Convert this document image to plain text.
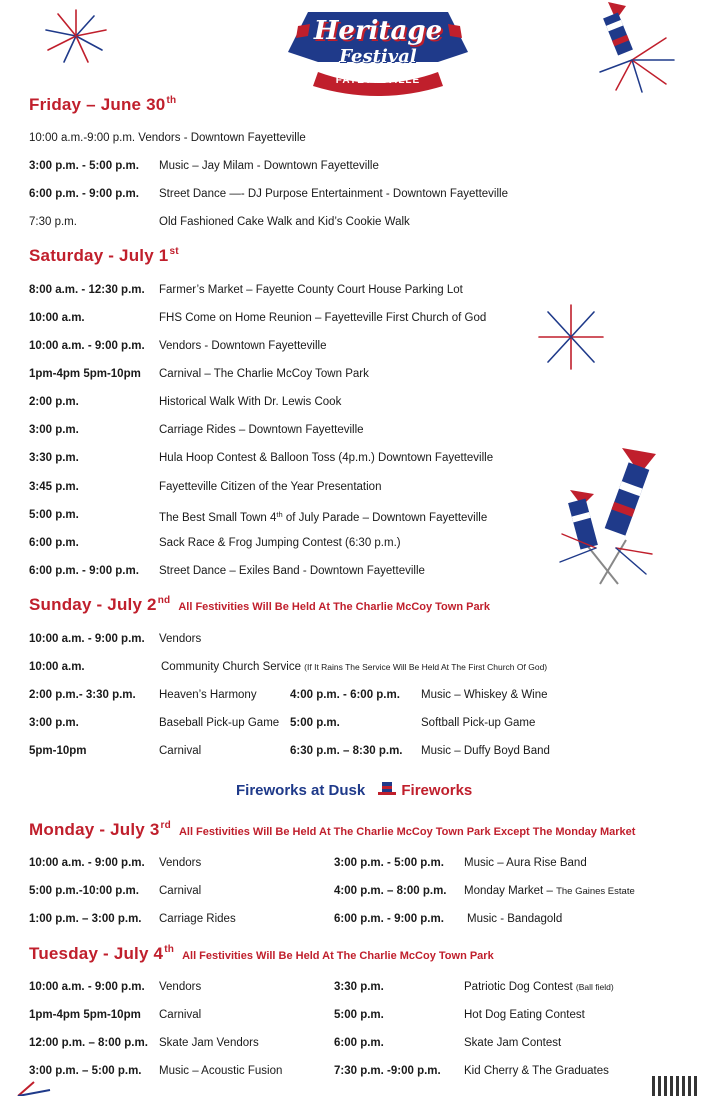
Heritage
Festival
FAYETTEVILLE
Friday – June 30th
10:00 a.m.-9:00 p.m. Vendors - Downtown Fayetteville
3:00 p.m. - 5:00 p.m. Music – Jay Milam - Downtown Fayetteville
6:00 p.m. - 9:00 p.m. Street Dance —- DJ Purpose Entertainment - Downtown Fayetteville
7:30 p.m.	Old Fashioned Cake Walk and Kid’s Cookie Walk
Saturday - July 1st
8:00 a.m. - 12:30 p.m. Farmer’s Market – Fayette County Court House Parking Lot
10:00 a.m.	FHS Come on Home Reunion – Fayetteville First Church of God
10:00 a.m. - 9:00 p.m. Vendors - Downtown Fayetteville
1pm-4pm 5pm-10pm Carnival – The Charlie McCoy Town Park
2:00 p.m.	Historical Walk With Dr. Lewis Cook
3:00 p.m.	Carriage Rides – Downtown Fayetteville
3:30 p.m.	Hula Hoop Contest & Balloon Toss (4p.m.) Downtown Fayetteville
3:45 p.m.	Fayetteville Citizen of the Year Presentation
5:00 p.m.	The Best Small Town 4th of July Parade – Downtown Fayetteville
6:00 p.m.	Sack Race & Frog Jumping Contest (6:30 p.m.)
6:00 p.m. - 9:00 p.m. Street Dance – Exiles Band - Downtown Fayetteville
Sunday - July 2ndAll Festivities Will Be Held At The Charlie McCoy Town Park
10:00 a.m. - 9:00 p.m. Vendors
10:00 a.m.	Community Church Service (If It Rains The Service Will Be Held At The First Church Of God)
2:00 p.m.- 3:30 p.m. Heaven’s Harmony	4:00 p.m. - 6:00 p.m. Music – Whiskey & Wine
3:00 p.m.	Baseball Pick-up Game 5:00 p.m.	Softball Pick-up Game
5pm-10pm	Carnival	6:30 p.m. – 8:30 p.m. Music – Duffy Boyd Band
Fireworks at Dusk Fireworks
Monday - July 3rdAll Festivities Will Be Held At The Charlie McCoy Town Park Except The Monday Market
10:00 a.m. - 9:00 p.m. Vendors	3:00 p.m. - 5:00 p.m. Music – Aura Rise Band
5:00 p.m.-10:00 p.m. Carnival	4:00 p.m. – 8:00 p.m. Monday Market – The Gaines Estate
1:00 p.m. – 3:00 p.m. Carriage Rides	6:00 p.m. - 9:00 p.m. Music - Bandagold
Tuesday - July 4thAll Festivities Will Be Held At The Charlie McCoy Town Park
10:00 a.m. - 9:00 p.m. Vendors	3:30 p.m.	Patriotic Dog Contest (Ball field)
1pm-4pm 5pm-10pm Carnival	5:00 p.m.	Hot Dog Eating Contest
12:00 p.m. – 8:00 p.m. Skate Jam Vendors	6:00 p.m.	Skate Jam Contest
3:00 p.m. – 5:00 p.m. Music – Acoustic Fusion	7:30 p.m. -9:00 p.m. Kid Cherry & The Graduates
